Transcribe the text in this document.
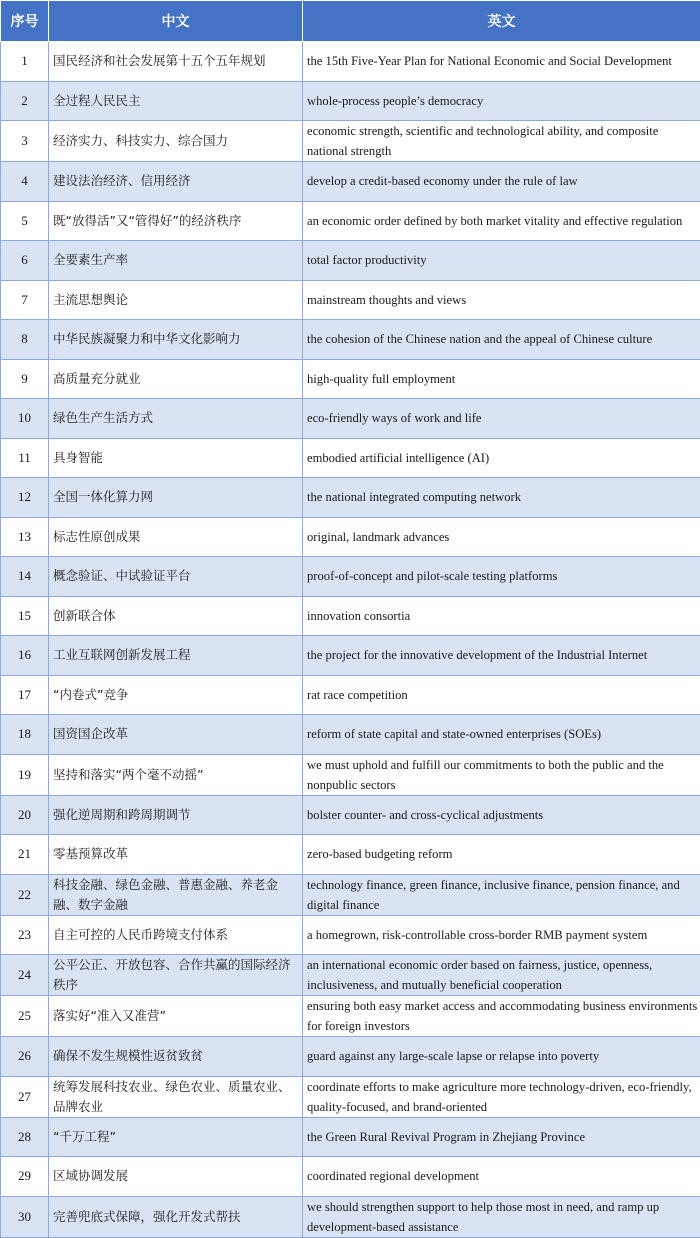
序号	中文	英文
1	国民经济和社会发展第十五个五年规划	the 15th Five-Year Plan for National Economic and Social Development
2	全过程人民民主	whole-process people’s democracy
3	经济实力、科技实力、综合国力	economic strength, scientific and technological ability, and composite national strength
4	建设法治经济、信用经济	develop a credit-based economy under the rule of law
5	既“放得活”又“管得好”的经济秩序	an economic order defined by both market vitality and effective regulation
6	全要素生产率	total factor productivity
7	主流思想舆论	mainstream thoughts and views
8	中华民族凝聚力和中华文化影响力	the cohesion of the Chinese nation and the appeal of Chinese culture
9	高质量充分就业	high-quality full employment
10	绿色生产生活方式	eco-friendly ways of work and life
11	具身智能	embodied artificial intelligence (AI)
12	全国一体化算力网	the national integrated computing network
13	标志性原创成果	original, landmark advances
14	概念验证、中试验证平台	proof-of-concept and pilot-scale testing platforms
15	创新联合体	innovation consortia
16	工业互联网创新发展工程	the project for the innovative development of the Industrial Internet
17	“内卷式”竞争	rat race competition
18	国资国企改革	reform of state capital and state-owned enterprises (SOEs)
19	坚持和落实“两个毫不动摇”	we must uphold and fulfill our commitments to both the public and the nonpublic sectors
20	强化逆周期和跨周期调节	bolster counter- and cross-cyclical adjustments
21	零基预算改革	zero-based budgeting reform
22	科技金融、绿色金融、普惠金融、养老金融、数字金融	technology finance, green finance, inclusive finance, pension finance, and digital finance
23	自主可控的人民币跨境支付体系	a homegrown, risk-controllable cross-border RMB payment system
24	公平公正、开放包容、合作共赢的国际经济秩序	an international economic order based on fairness, justice, openness, inclusiveness, and mutually beneficial cooperation
25	落实好“准入又准营”	ensuring both easy market access and accommodating business environments for foreign investors
26	确保不发生规模性返贫致贫	guard against any large-scale lapse or relapse into poverty
27	统筹发展科技农业、绿色农业、质量农业、品牌农业	coordinate efforts to make agriculture more technology-driven, eco-friendly, quality-focused, and brand-oriented
28	“千万工程”	the Green Rural Revival Program in Zhejiang Province
29	区域协调发展	coordinated regional development
30	完善兜底式保障，强化开发式帮扶	we should strengthen support to help those most in need, and ramp up development-based assistance
